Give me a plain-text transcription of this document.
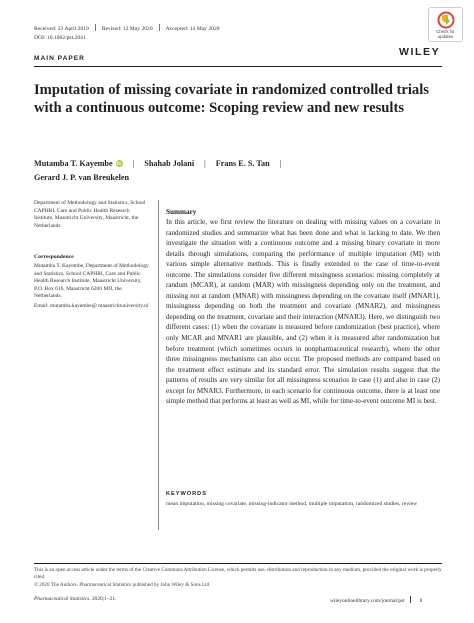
Received: 23 April 2019 Revised: 12 May 2020 Accepted: 14 May 2020
DOI: 10.1002/pst.2041
Check for
updates
WILEY
MAIN PAPER
Imputation of missing covariate in randomized controlled trials with a continuous outcome: Scoping review and new results
Mutamba T. Kayembe iD | Shahab Jolani | Frans E. S. Tan |
Gerard J. P. van Breukelen
Department of Methodology and Statistics, School CAPHRI, Care and Public Health Research Institute, Maastricht University, Maastricht, the Netherlands
Correspondence
Mutamba T. Kayembe, Department of Methodology and Statistics, School CAPHRI, Care and Public Health Research Institute, Maastricht University, P.O. Box 616, Maastricht 6200 MD, the Netherlands.
Email: mutamba.kayembe@ maastrichtuniversity.nl
Summary
In this article, we first review the literature on dealing with missing values on a covariate in randomized studies and summarize what has been done and what is lacking to date. We then investigate the situation with a continuous outcome and a missing binary covariate in more details through simulations, comparing the performance of multiple imputation (MI) with various simple alternative methods. This is finally extended to the case of time-to-event outcome. The simulations consider five different missingness scenarios: missing completely at random (MCAR), at random (MAR) with missingness depending only on the treatment, and missing not at random (MNAR) with missingness depending on the covariate itself (MNAR1), missingness depending on both the treatment and covariate (MNAR2), and missingness depending on the treatment, covariate and their interaction (MNAR3). Here, we distinguish two different cases: (1) when the covariate is measured before randomization (best practice), where only MCAR and MNAR1 are plausible, and (2) when it is measured after randomization but before treatment (which sometimes occurs in nonpharmaceutical research), where the other three missingness mechanisms can also occur. The proposed methods are compared based on the treatment effect estimate and its standard error. The simulation results suggest that the patterns of results are very similar for all missingness scenarios in case (1) and also in case (2) except for MNAR3. Furthermore, in each scenario for continuous outcome, there is at least one simple method that performs at least as well as MI, while for time-to-event outcome MI is best.
KEYWORDS
mean imputation, missing covariate, missing-indicator method, multiple imputation, randomized studies, review
This is an open access article under the terms of the Creative Commons Attribution License, which permits use, distribution and reproduction in any medium, provided the original work is properly cited.
© 2020 The Authors. Pharmaceutical Statistics published by John Wiley & Sons Ltd
Pharmaceutical Statistics. 2020;1–21.	wileyonlinelibrary.com/journal/pst	1
